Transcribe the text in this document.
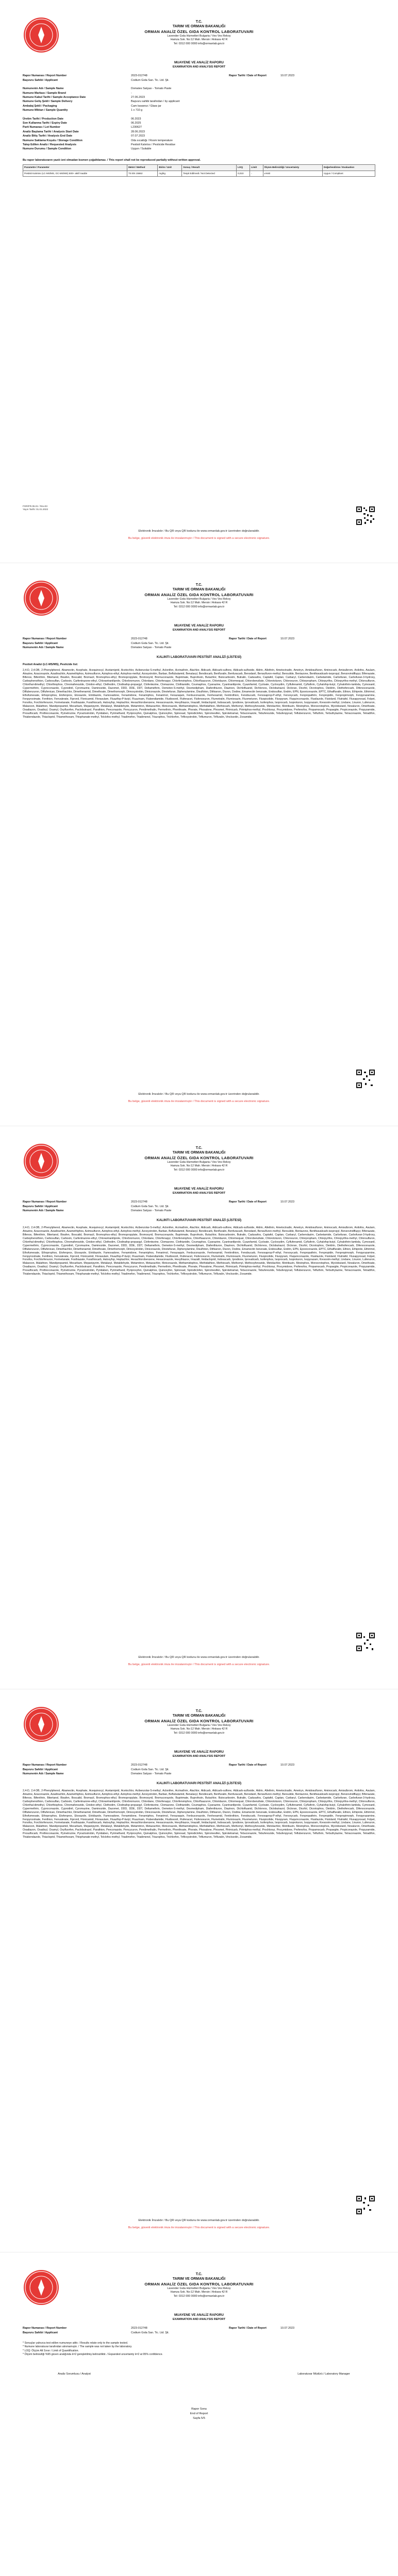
T.C.
TARIM VE ORMAN BAKANLIĞI
ORMAN ANALİZ ÖZEL GIDA KONTROL LABORATUVARI
Lavender Gıda Hizmetleri Bulgaria / Ves Ves Rekoy
Hamza Sok. No:12 Mah. Mersin / Ankara 42 R
Tel: 0312 000 0000 info@ormanlab.gov.tr
MUAYENE VE ANALİZ RAPORU
EXAMINATION AND ANALYSIS REPORT
Rapor Numarası / Report Number	2023-012748	Rapor Tarihi / Date of Report	10.07.2023
Başvuru Sahibi / Applicant	Codium Gıda San. Tic. Ltd. Şti.
Numunenin Adı / Sample Name	Domates Salçası - Tomato Paste
Numune Markası / Sample Brand	-
Numune Kabul Tarihi / Sample Acceptance Date	27.06.2023
Numune Geliş Şekli / Sample Delivery	Başvuru sahibi tarafından / by applicant
Ambalaj Şekli / Packaging	Cam kavanoz / Glass jar
Numune Miktarı / Sample Quantity	1 x 710 g
Üretim Tarihi / Production Date	06.2023
Son Kullanma Tarihi / Expiry Date	06.2025
Parti Numarası / Lot Number	L230627
Analiz Başlama Tarihi / Analysis Start Date	28.06.2023
Analiz Bitiş Tarihi / Analysis End Date	07.07.2023
Numune Saklama Koşulu / Storage Condition	Oda sıcaklığı / Room temperature
Talep Edilen Analiz / Requested Analysis	Pestisit Kalıntısı / Pesticide Residue
Numune Durumu / Sample Condition	Uygun / Suitable
Bu rapor laboratuvarın yazılı izni olmadan kısmen çoğaltılamaz. / This report shall not be reproduced partially without written approval.
Parametre / Parameter	Metot / Method	Birim / Unit	Sonuç / Result	LOQ	Limit	Ölçüm Belirsizliği / Uncertainty	Değerlendirme / Evaluation
Pestisit Kalıntısı (LC-MS/MS, GC-MS/MS) 500+ aktif madde	TS EN 15662	mg/kg	Tespit Edilmedi / Not Detected	0,010	-	±%50	Uygun / Compliant
FOR/FR.05.01 / Rev.03
Yayın Tarihi: 01.01.2022
Elektronik İmzalıdır / Bu QR veya QR kodunu ile www.ormanlab.gov.tr üzerinden doğrulanabilir.
Bu belge, güvenli elektronik imza ile imzalanmıştır / This document is signed with a secure electronic signature.
T.C.
TARIM VE ORMAN BAKANLIĞI
ORMAN ANALİZ ÖZEL GIDA KONTROL LABORATUVARI
Lavender Gıda Hizmetleri Bulgaria / Ves Ves Rekoy
Hamza Sok. No:12 Mah. Mersin / Ankara 42 R
Tel: 0312 000 0000 info@ormanlab.gov.tr
MUAYENE VE ANALİZ RAPORU
EXAMINATION AND ANALYSIS REPORT
Rapor Numarası / Report Number	2023-012748	Rapor Tarihi / Date of Report	10.07.2023
Başvuru Sahibi / Applicant	Codium Gıda San. Tic. Ltd. Şti.
Numunenin Adı / Sample Name	Domates Salçası - Tomato Paste
KALINTI LABORATUVARI PESTİSİT ANALİZİ (LİSTESİ)
Pestisit Analizi (LC-MS/MS), Pesticide list:
2,4-D, 2,4-DB, 2-Phenylphenol, Abamectin, Acephate, Acequinocyl, Acetamiprid, Acetochlor, Acibenzolar-S-methyl, Aclonifen, Acrinathrin, Alachlor, Aldicarb, Aldicarb-sulfone, Aldicarb-sulfoxide, Aldrin, Allethrin, Ametoctradin, Ametryn, Amidosulfuron, Aminocarb, Amisulbrom, Anilofos, Asulam, Atrazine, Azaconazole, Azadirachtin, Azamethiphos, Azimsulfuron, Azinphos-ethyl, Azinphos-methyl, Azoxystrobin, Barban, Beflubutamid, Benalaxyl, Bendiocarb, Benfluralin, Benfuracarb, Benodanil, Bensulfuron-methyl, Bensulide, Bentazone, Benthiavalicarb-isopropyl, Benzovindiflupyr, Bifenazate, Bifenox, Bifenthrin, Bitertanol, Bixafen, Boscalid, Bromacil, Bromophos-ethyl, Bromopropylate, Bromoxynil, Bromuconazole, Bupirimate, Buprofezin, Butachlor, Butocarboxim, Butralin, Cadusafos, Captafol, Captan, Carbaryl, Carbendazim, Carbetamide, Carbofuran, Carbofuran-3-hydroxy, Carbophenothion, Carbosulfan, Carboxin, Carfentrazone-ethyl, Chlorantraniliprole, Chlorbromuron, Chlordane, Chlorfenapyr, Chlorfenvinphos, Chlorfluazuron, Chloridazon, Chlormequat, Chlorobenzilate, Chlorotoluron, Chloroxuron, Chlorpropham, Chlorpyrifos, Chlorpyrifos-methyl, Chlorsulfuron, Chlorthal-dimethyl, Chlorthiophos, Chromafenozide, Cinidon-ethyl, Clethodim, Clodinafop-propargyl, Clofentezine, Clomazone, Clothianidin, Coumaphos, Cyanazine, Cyantraniliprole, Cyazofamid, Cycloate, Cycloxydim, Cyflufenamid, Cyfluthrin, Cyhalofop-butyl, Cyhalothrin-lambda, Cymoxanil, Cypermethrin, Cyproconazole, Cyprodinil, Cyromazine, Daminozide, Dazomet, DDD, DDE, DDT, Deltamethrin, Demeton-S-methyl, Desmedipham, Diafenthiuron, Diazinon, Dichlofluanid, Dichlorvos, Diclobutrazol, Dicloran, Dicofol, Dicrotophos, Dieldrin, Diethofencarb, Difenoconazole, Diflubenzuron, Diflufenican, Dimethachlor, Dimethenamid, Dimethoate, Dimethomorph, Dimoxystrobin, Diniconazole, Dinotefuran, Diphenylamine, Disulfoton, Dithianon, Diuron, Dodine, Emamectin benzoate, Endosulfan, Endrin, EPN, Epoxiconazole, EPTC, Ethalfluralin, Ethion, Ethiprole, Ethirimol, Ethofumesate, Ethoprophos, Etofenprox, Etoxazole, Etridiazole, Famoxadone, Fenamidone, Fenamiphos, Fenarimol, Fenazaquin, Fenbuconazole, Fenhexamid, Fenitrothion, Fenobucarb, Fenoxaprop-P-ethyl, Fenoxycarb, Fenpropathrin, Fenpropidin, Fenpropimorph, Fenpyrazamine, Fenpyroximate, Fenthion, Fenvalerate, Fipronil, Flonicamid, Florasulam, Fluazifop-P-butyl, Fluazinam, Flubendiamide, Fludioxonil, Flufenacet, Flufenoxuron, Flumetralin, Flumioxazin, Fluometuron, Fluopicolide, Fluopyram, Fluquinconazole, Flusilazole, Flutolanil, Flutriafol, Fluxapyroxad, Folpet, Fonofos, Forchlorfenuron, Formetanate, Fosthiazate, Furathiocarb, Haloxyfop, Heptachlor, Hexachlorobenzene, Hexaconazole, Hexythiazox, Imazalil, Imidacloprid, Indoxacarb, Iprodione, Iprovalicarb, Isofenphos, Isoprocarb, Isoproturon, Isopyrazam, Kresoxim-methyl, Lindane, Linuron, Lufenuron, Malaoxon, Malathion, Mandipropamid, Mecarbam, Mepanipyrim, Metalaxyl, Metaldehyde, Metamitron, Metazachlor, Metconazole, Methamidophos, Methidathion, Methiocarb, Methomyl, Methoxyfenozide, Metolachlor, Metribuzin, Mevinphos, Monocrotophos, Myclobutanil, Novaluron, Omethoate, Oxadiazon, Oxadixyl, Oxamyl, Oxyfluorfen, Paclobutrazol, Parathion, Penconazole, Pencycuron, Pendimethalin, Permethrin, Phenthoate, Phorate, Phosalone, Phosmet, Pirimicarb, Pirimiphos-methyl, Prochloraz, Procymidone, Profenofos, Propamocarb, Propargite, Propiconazole, Propyzamide, Prosulfocarb, Prothioconazole, Pymetrozine, Pyraclostrobin, Pyridaben, Pyrimethanil, Pyriproxyfen, Quinalphos, Quinoxyfen, Spinosad, Spirodiclofen, Spiromesifen, Spirotetramat, Tebuconazole, Tebufenozide, Tebufenpyrad, Teflubenzuron, Tefluthrin, Terbuthylazine, Tetraconazole, Tetradifon, Thiabendazole, Thiacloprid, Thiamethoxam, Thiophanate-methyl, Tolclofos-methyl, Triadimefon, Triadimenol, Triazophos, Trichlorfon, Trifloxystrobin, Triflumuron, Trifluralin, Vinclozolin, Zoxamide.
Elektronik İmzalıdır / Bu QR veya QR kodunu ile www.ormanlab.gov.tr üzerinden doğrulanabilir.
Bu belge, güvenli elektronik imza ile imzalanmıştır / This document is signed with a secure electronic signature.
T.C.
TARIM VE ORMAN BAKANLIĞI
ORMAN ANALİZ ÖZEL GIDA KONTROL LABORATUVARI
Lavender Gıda Hizmetleri Bulgaria / Ves Ves Rekoy
Hamza Sok. No:12 Mah. Mersin / Ankara 42 R
Tel: 0312 000 0000 info@ormanlab.gov.tr
MUAYENE VE ANALİZ RAPORU
EXAMINATION AND ANALYSIS REPORT
Rapor Numarası / Report Number	2023-012748	Rapor Tarihi / Date of Report	10.07.2023
Başvuru Sahibi / Applicant	Codium Gıda San. Tic. Ltd. Şti.
Numunenin Adı / Sample Name	Domates Salçası - Tomato Paste
KALINTI LABORATUVARI PESTİSİT ANALİZİ (LİSTESİ)
2,4-D, 2,4-DB, 2-Phenylphenol, Abamectin, Acephate, Acequinocyl, Acetamiprid, Acetochlor, Acibenzolar-S-methyl, Aclonifen, Acrinathrin, Alachlor, Aldicarb, Aldicarb-sulfone, Aldicarb-sulfoxide, Aldrin, Allethrin, Ametoctradin, Ametryn, Amidosulfuron, Aminocarb, Amisulbrom, Anilofos, Asulam, Atrazine, Azaconazole, Azadirachtin, Azamethiphos, Azimsulfuron, Azinphos-ethyl, Azinphos-methyl, Azoxystrobin, Barban, Beflubutamid, Benalaxyl, Bendiocarb, Benfluralin, Benfuracarb, Benodanil, Bensulfuron-methyl, Bensulide, Bentazone, Benthiavalicarb-isopropyl, Benzovindiflupyr, Bifenazate, Bifenox, Bifenthrin, Bitertanol, Bixafen, Boscalid, Bromacil, Bromophos-ethyl, Bromopropylate, Bromoxynil, Bromuconazole, Bupirimate, Buprofezin, Butachlor, Butocarboxim, Butralin, Cadusafos, Captafol, Captan, Carbaryl, Carbendazim, Carbetamide, Carbofuran, Carbofuran-3-hydroxy, Carbophenothion, Carbosulfan, Carboxin, Carfentrazone-ethyl, Chlorantraniliprole, Chlorbromuron, Chlordane, Chlorfenapyr, Chlorfenvinphos, Chlorfluazuron, Chloridazon, Chlormequat, Chlorobenzilate, Chlorotoluron, Chloroxuron, Chlorpropham, Chlorpyrifos, Chlorpyrifos-methyl, Chlorsulfuron, Chlorthal-dimethyl, Chlorthiophos, Chromafenozide, Cinidon-ethyl, Clethodim, Clodinafop-propargyl, Clofentezine, Clomazone, Clothianidin, Coumaphos, Cyanazine, Cyantraniliprole, Cyazofamid, Cycloate, Cycloxydim, Cyflufenamid, Cyfluthrin, Cyhalofop-butyl, Cyhalothrin-lambda, Cymoxanil, Cypermethrin, Cyproconazole, Cyprodinil, Cyromazine, Daminozide, Dazomet, DDD, DDE, DDT, Deltamethrin, Demeton-S-methyl, Desmedipham, Diafenthiuron, Diazinon, Dichlofluanid, Dichlorvos, Diclobutrazol, Dicloran, Dicofol, Dicrotophos, Dieldrin, Diethofencarb, Difenoconazole, Diflubenzuron, Diflufenican, Dimethachlor, Dimethenamid, Dimethoate, Dimethomorph, Dimoxystrobin, Diniconazole, Dinotefuran, Diphenylamine, Disulfoton, Dithianon, Diuron, Dodine, Emamectin benzoate, Endosulfan, Endrin, EPN, Epoxiconazole, EPTC, Ethalfluralin, Ethion, Ethiprole, Ethirimol, Ethofumesate, Ethoprophos, Etofenprox, Etoxazole, Etridiazole, Famoxadone, Fenamidone, Fenamiphos, Fenarimol, Fenazaquin, Fenbuconazole, Fenhexamid, Fenitrothion, Fenobucarb, Fenoxaprop-P-ethyl, Fenoxycarb, Fenpropathrin, Fenpropidin, Fenpropimorph, Fenpyrazamine, Fenpyroximate, Fenthion, Fenvalerate, Fipronil, Flonicamid, Florasulam, Fluazifop-P-butyl, Fluazinam, Flubendiamide, Fludioxonil, Flufenacet, Flufenoxuron, Flumetralin, Flumioxazin, Fluometuron, Fluopicolide, Fluopyram, Fluquinconazole, Flusilazole, Flutolanil, Flutriafol, Fluxapyroxad, Folpet, Fonofos, Forchlorfenuron, Formetanate, Fosthiazate, Furathiocarb, Haloxyfop, Heptachlor, Hexachlorobenzene, Hexaconazole, Hexythiazox, Imazalil, Imidacloprid, Indoxacarb, Iprodione, Iprovalicarb, Isofenphos, Isoprocarb, Isoproturon, Isopyrazam, Kresoxim-methyl, Lindane, Linuron, Lufenuron, Malaoxon, Malathion, Mandipropamid, Mecarbam, Mepanipyrim, Metalaxyl, Metaldehyde, Metamitron, Metazachlor, Metconazole, Methamidophos, Methidathion, Methiocarb, Methomyl, Methoxyfenozide, Metolachlor, Metribuzin, Mevinphos, Monocrotophos, Myclobutanil, Novaluron, Omethoate, Oxadiazon, Oxadixyl, Oxamyl, Oxyfluorfen, Paclobutrazol, Parathion, Penconazole, Pencycuron, Pendimethalin, Permethrin, Phenthoate, Phorate, Phosalone, Phosmet, Pirimicarb, Pirimiphos-methyl, Prochloraz, Procymidone, Profenofos, Propamocarb, Propargite, Propiconazole, Propyzamide, Prosulfocarb, Prothioconazole, Pymetrozine, Pyraclostrobin, Pyridaben, Pyrimethanil, Pyriproxyfen, Quinalphos, Quinoxyfen, Spinosad, Spirodiclofen, Spiromesifen, Spirotetramat, Tebuconazole, Tebufenozide, Tebufenpyrad, Teflubenzuron, Tefluthrin, Terbuthylazine, Tetraconazole, Tetradifon, Thiabendazole, Thiacloprid, Thiamethoxam, Thiophanate-methyl, Tolclofos-methyl, Triadimefon, Triadimenol, Triazophos, Trichlorfon, Trifloxystrobin, Triflumuron, Trifluralin, Vinclozolin, Zoxamide.
Elektronik İmzalıdır / Bu QR veya QR kodunu ile www.ormanlab.gov.tr üzerinden doğrulanabilir.
Bu belge, güvenli elektronik imza ile imzalanmıştır / This document is signed with a secure electronic signature.
T.C.
TARIM VE ORMAN BAKANLIĞI
ORMAN ANALİZ ÖZEL GIDA KONTROL LABORATUVARI
Lavender Gıda Hizmetleri Bulgaria / Ves Ves Rekoy
Hamza Sok. No:12 Mah. Mersin / Ankara 42 R
Tel: 0312 000 0000 info@ormanlab.gov.tr
MUAYENE VE ANALİZ RAPORU
EXAMINATION AND ANALYSIS REPORT
Rapor Numarası / Report Number	2023-012748	Rapor Tarihi / Date of Report	10.07.2023
Başvuru Sahibi / Applicant	Codium Gıda San. Tic. Ltd. Şti.
Numunenin Adı / Sample Name	Domates Salçası - Tomato Paste
KALINTI LABORATUVARI PESTİSİT ANALİZİ (LİSTESİ)
2,4-D, 2,4-DB, 2-Phenylphenol, Abamectin, Acephate, Acequinocyl, Acetamiprid, Acetochlor, Acibenzolar-S-methyl, Aclonifen, Acrinathrin, Alachlor, Aldicarb, Aldicarb-sulfone, Aldicarb-sulfoxide, Aldrin, Allethrin, Ametoctradin, Ametryn, Amidosulfuron, Aminocarb, Amisulbrom, Anilofos, Asulam, Atrazine, Azaconazole, Azadirachtin, Azamethiphos, Azimsulfuron, Azinphos-ethyl, Azinphos-methyl, Azoxystrobin, Barban, Beflubutamid, Benalaxyl, Bendiocarb, Benfluralin, Benfuracarb, Benodanil, Bensulfuron-methyl, Bensulide, Bentazone, Benthiavalicarb-isopropyl, Benzovindiflupyr, Bifenazate, Bifenox, Bifenthrin, Bitertanol, Bixafen, Boscalid, Bromacil, Bromophos-ethyl, Bromopropylate, Bromoxynil, Bromuconazole, Bupirimate, Buprofezin, Butachlor, Butocarboxim, Butralin, Cadusafos, Captafol, Captan, Carbaryl, Carbendazim, Carbetamide, Carbofuran, Carbofuran-3-hydroxy, Carbophenothion, Carbosulfan, Carboxin, Carfentrazone-ethyl, Chlorantraniliprole, Chlorbromuron, Chlordane, Chlorfenapyr, Chlorfenvinphos, Chlorfluazuron, Chloridazon, Chlormequat, Chlorobenzilate, Chlorotoluron, Chloroxuron, Chlorpropham, Chlorpyrifos, Chlorpyrifos-methyl, Chlorsulfuron, Chlorthal-dimethyl, Chlorthiophos, Chromafenozide, Cinidon-ethyl, Clethodim, Clodinafop-propargyl, Clofentezine, Clomazone, Clothianidin, Coumaphos, Cyanazine, Cyantraniliprole, Cyazofamid, Cycloate, Cycloxydim, Cyflufenamid, Cyfluthrin, Cyhalofop-butyl, Cyhalothrin-lambda, Cymoxanil, Cypermethrin, Cyproconazole, Cyprodinil, Cyromazine, Daminozide, Dazomet, DDD, DDE, DDT, Deltamethrin, Demeton-S-methyl, Desmedipham, Diafenthiuron, Diazinon, Dichlofluanid, Dichlorvos, Diclobutrazol, Dicloran, Dicofol, Dicrotophos, Dieldrin, Diethofencarb, Difenoconazole, Diflubenzuron, Diflufenican, Dimethachlor, Dimethenamid, Dimethoate, Dimethomorph, Dimoxystrobin, Diniconazole, Dinotefuran, Diphenylamine, Disulfoton, Dithianon, Diuron, Dodine, Emamectin benzoate, Endosulfan, Endrin, EPN, Epoxiconazole, EPTC, Ethalfluralin, Ethion, Ethiprole, Ethirimol, Ethofumesate, Ethoprophos, Etofenprox, Etoxazole, Etridiazole, Famoxadone, Fenamidone, Fenamiphos, Fenarimol, Fenazaquin, Fenbuconazole, Fenhexamid, Fenitrothion, Fenobucarb, Fenoxaprop-P-ethyl, Fenoxycarb, Fenpropathrin, Fenpropidin, Fenpropimorph, Fenpyrazamine, Fenpyroximate, Fenthion, Fenvalerate, Fipronil, Flonicamid, Florasulam, Fluazifop-P-butyl, Fluazinam, Flubendiamide, Fludioxonil, Flufenacet, Flufenoxuron, Flumetralin, Flumioxazin, Fluometuron, Fluopicolide, Fluopyram, Fluquinconazole, Flusilazole, Flutolanil, Flutriafol, Fluxapyroxad, Folpet, Fonofos, Forchlorfenuron, Formetanate, Fosthiazate, Furathiocarb, Haloxyfop, Heptachlor, Hexachlorobenzene, Hexaconazole, Hexythiazox, Imazalil, Imidacloprid, Indoxacarb, Iprodione, Iprovalicarb, Isofenphos, Isoprocarb, Isoproturon, Isopyrazam, Kresoxim-methyl, Lindane, Linuron, Lufenuron, Malaoxon, Malathion, Mandipropamid, Mecarbam, Mepanipyrim, Metalaxyl, Metaldehyde, Metamitron, Metazachlor, Metconazole, Methamidophos, Methidathion, Methiocarb, Methomyl, Methoxyfenozide, Metolachlor, Metribuzin, Mevinphos, Monocrotophos, Myclobutanil, Novaluron, Omethoate, Oxadiazon, Oxadixyl, Oxamyl, Oxyfluorfen, Paclobutrazol, Parathion, Penconazole, Pencycuron, Pendimethalin, Permethrin, Phenthoate, Phorate, Phosalone, Phosmet, Pirimicarb, Pirimiphos-methyl, Prochloraz, Procymidone, Profenofos, Propamocarb, Propargite, Propiconazole, Propyzamide, Prosulfocarb, Prothioconazole, Pymetrozine, Pyraclostrobin, Pyridaben, Pyrimethanil, Pyriproxyfen, Quinalphos, Quinoxyfen, Spinosad, Spirodiclofen, Spiromesifen, Spirotetramat, Tebuconazole, Tebufenozide, Tebufenpyrad, Teflubenzuron, Tefluthrin, Terbuthylazine, Tetraconazole, Tetradifon, Thiabendazole, Thiacloprid, Thiamethoxam, Thiophanate-methyl, Tolclofos-methyl, Triadimefon, Triadimenol, Triazophos, Trichlorfon, Trifloxystrobin, Triflumuron, Trifluralin, Vinclozolin, Zoxamide.
Elektronik İmzalıdır / Bu QR veya QR kodunu ile www.ormanlab.gov.tr üzerinden doğrulanabilir.
Bu belge, güvenli elektronik imza ile imzalanmıştır / This document is signed with a secure electronic signature.
T.C.
TARIM VE ORMAN BAKANLIĞI
ORMAN ANALİZ ÖZEL GIDA KONTROL LABORATUVARI
Lavender Gıda Hizmetleri Bulgaria / Ves Ves Rekoy
Hamza Sok. No:12 Mah. Mersin / Ankara 42 R
Tel: 0312 000 0000 info@ormanlab.gov.tr
MUAYENE VE ANALİZ RAPORU
EXAMINATION AND ANALYSIS REPORT
Rapor Numarası / Report Number	2023-012748	Rapor Tarihi / Date of Report	10.07.2023
Başvuru Sahibi / Applicant	Codium Gıda San. Tic. Ltd. Şti.
* Sonuçlar yalnızca test edilen numuneye aittir. / Results relate only to the sample tested.
* Numune laboratuvar tarafından alınmamıştır. / The sample was not taken by the laboratory.
* LOQ: Ölçüm Alt Sınırı / Limit of Quantification.
* Ölçüm belirsizliği %95 güven aralığında k=2 genişletilmiş belirsizliktir. / Expanded uncertainty k=2 at 95% confidence.
Analiz Sorumlusu / Analyst	Laboratuvar Müdürü / Laboratory Manager
Rapor Sonu
End of Report
Sayfa 5/5
